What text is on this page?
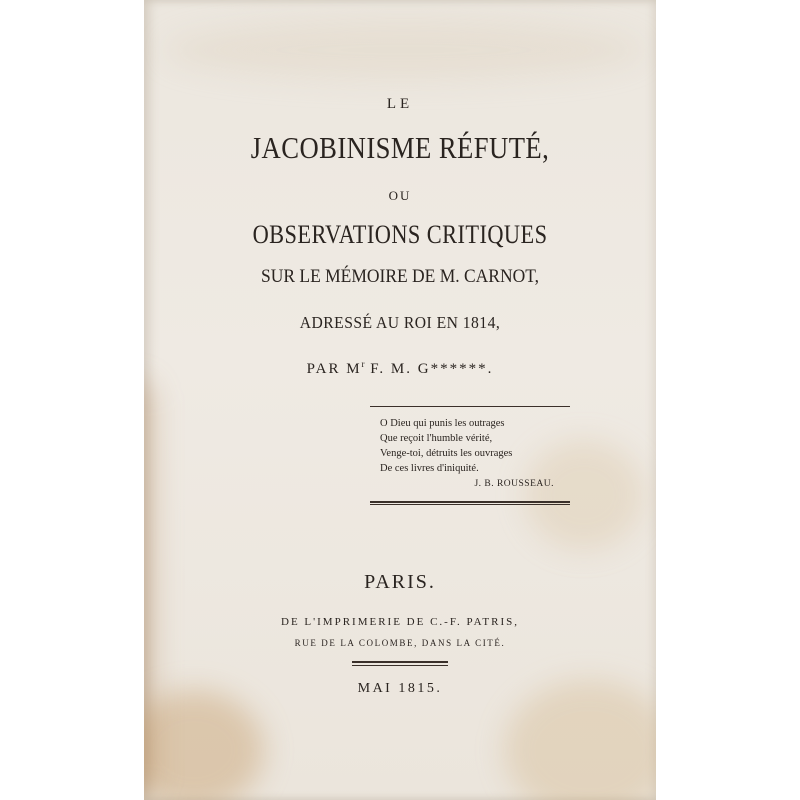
LE
JACOBINISME RÉFUTÉ,
OU
OBSERVATIONS CRITIQUES
SUR LE MÉMOIRE DE M. CARNOT,
ADRESSÉ AU ROI EN 1814,
PAR $M^r$ F. M. G******.
O Dieu qui punis les outrages
Que reçoit l'humble vérité,
Venge-toi, détruits les ouvrages
De ces livres d'iniquité.
J. B. ROUSSEAU.
PARIS.
DE L'IMPRIMERIE DE C.-F. PATRIS,
RUE DE LA COLOMBE, DANS LA CITÉ.
MAI 1815.
